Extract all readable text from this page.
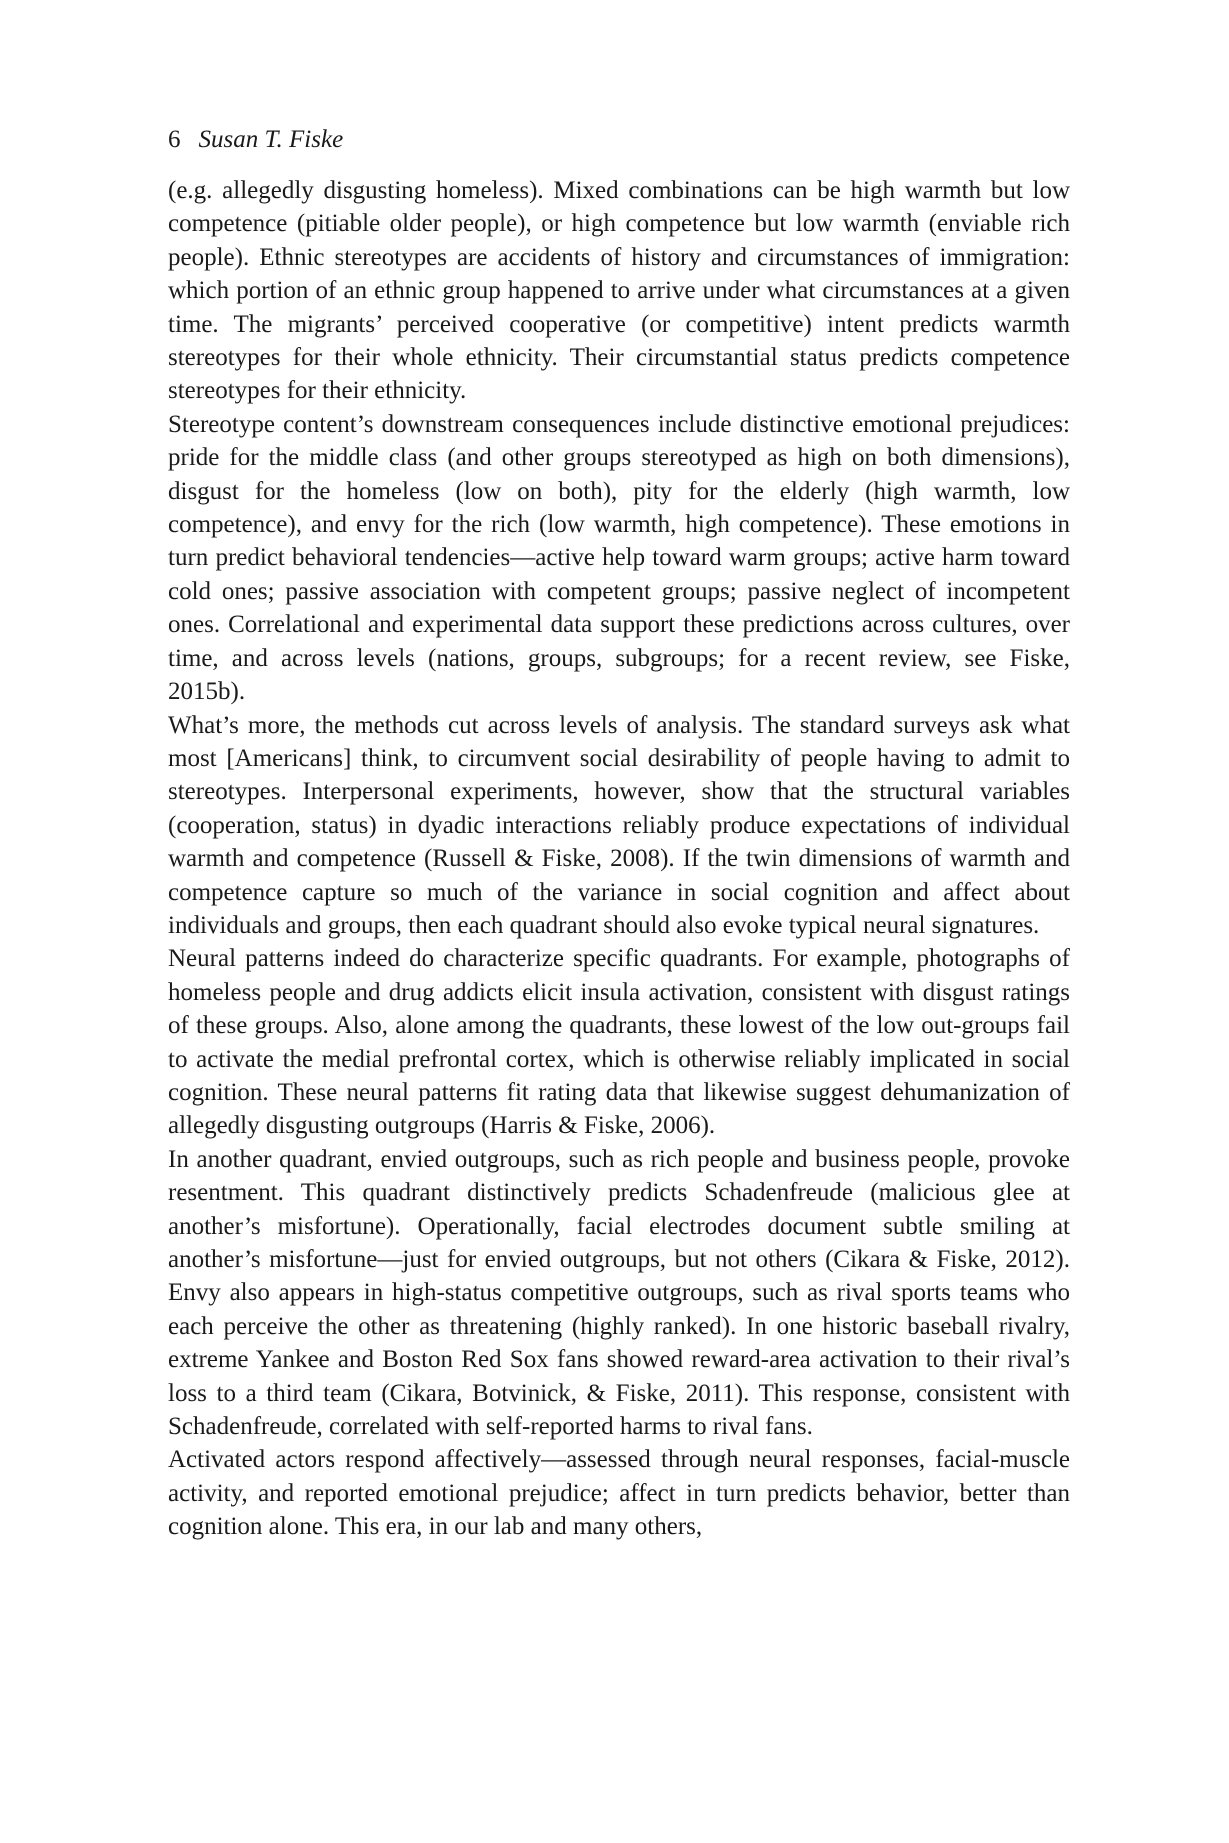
6 Susan T. Fiske

(e.g. allegedly disgusting homeless). Mixed combinations can be high warmth but low competence (pitiable older people), or high competence but low warmth (enviable rich people). Ethnic stereotypes are accidents of history and circumstances of immigration: which portion of an ethnic group happened to arrive under what circumstances at a given time. The migrants’ perceived cooperative (or competitive) intent predicts warmth stereotypes for their whole ethnicity. Their circumstantial status predicts competence stereotypes for their ethnicity.

Stereotype content’s downstream consequences include distinctive emotional prejudices: pride for the middle class (and other groups stereotyped as high on both dimensions), disgust for the homeless (low on both), pity for the elderly (high warmth, low competence), and envy for the rich (low warmth, high competence). These emotions in turn predict behavioral tendencies—active help toward warm groups; active harm toward cold ones; passive association with competent groups; passive neglect of incompetent ones. Correlational and experimental data support these predictions across cultures, over time, and across levels (nations, groups, subgroups; for a recent review, see Fiske, 2015b).

What’s more, the methods cut across levels of analysis. The standard surveys ask what most [Americans] think, to circumvent social desirability of people having to admit to stereotypes. Interpersonal experiments, however, show that the structural variables (cooperation, status) in dyadic interactions reliably produce expectations of individual warmth and competence (Russell & Fiske, 2008). If the twin dimensions of warmth and competence capture so much of the variance in social cognition and affect about individuals and groups, then each quadrant should also evoke typical neural signatures.

Neural patterns indeed do characterize specific quadrants. For example, photographs of homeless people and drug addicts elicit insula activation, consistent with disgust ratings of these groups. Also, alone among the quadrants, these lowest of the low out-groups fail to activate the medial prefrontal cortex, which is otherwise reliably implicated in social cognition. These neural patterns fit rating data that likewise suggest dehumanization of allegedly disgusting outgroups (Harris & Fiske, 2006).

In another quadrant, envied outgroups, such as rich people and business people, provoke resentment. This quadrant distinctively predicts Schadenfreude (malicious glee at another’s misfortune). Operationally, facial electrodes document subtle smiling at another’s misfortune—just for envied outgroups, but not others (Cikara & Fiske, 2012). Envy also appears in high-status competitive outgroups, such as rival sports teams who each perceive the other as threatening (highly ranked). In one historic baseball rivalry, extreme Yankee and Boston Red Sox fans showed reward-area activation to their rival’s loss to a third team (Cikara, Botvinick, & Fiske, 2011). This response, consistent with Schadenfreude, correlated with self-reported harms to rival fans.

Activated actors respond affectively—assessed through neural responses, facial-muscle activity, and reported emotional prejudice; affect in turn predicts behavior, better than cognition alone. This era, in our lab and many others,
